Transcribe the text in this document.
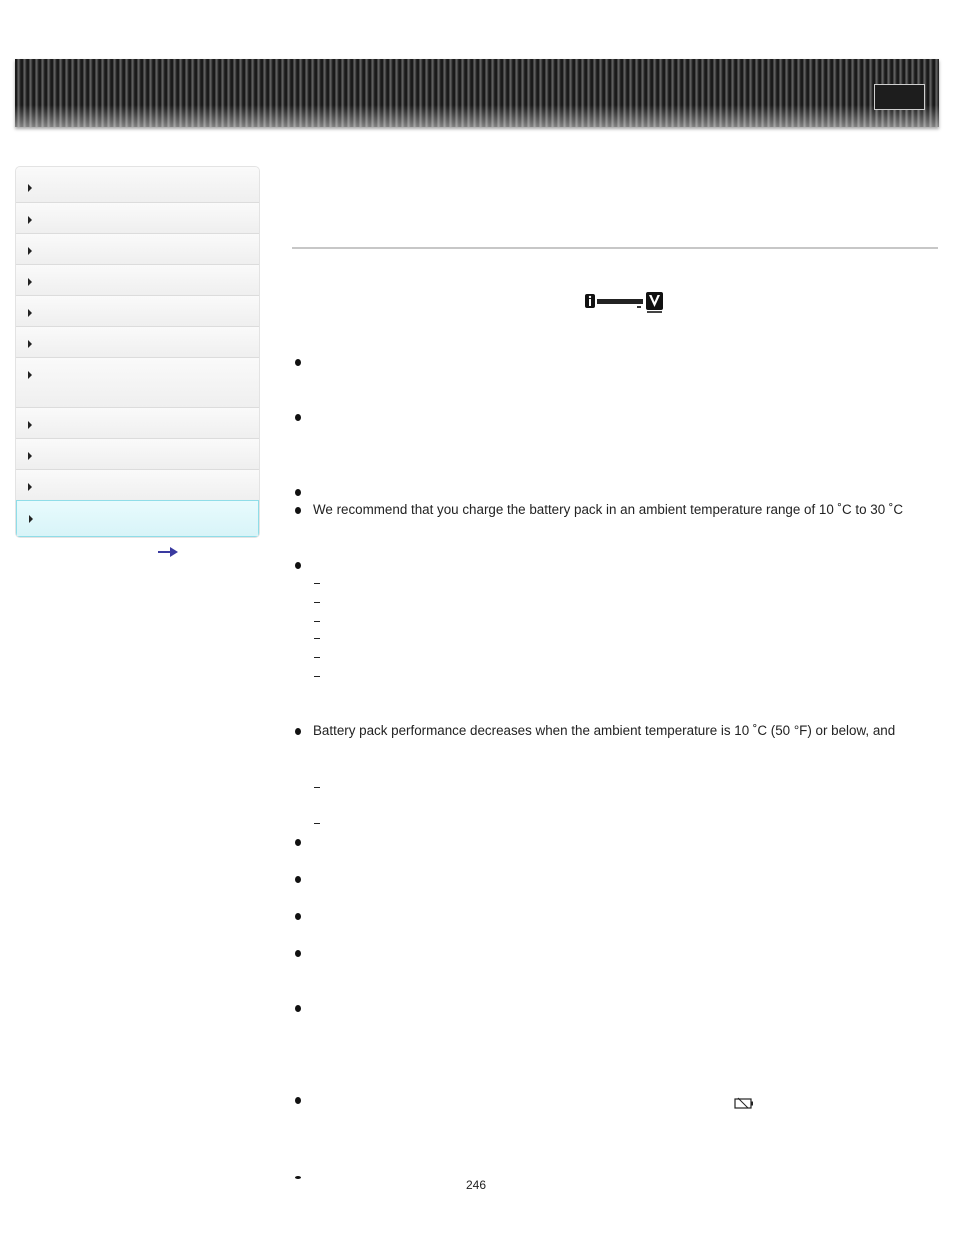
We recommend that you charge the battery pack in an ambient temperature range of 10 ˚C to 30 ˚C
Battery pack performance decreases when the ambient temperature is 10 ˚C (50 °F) or below, and
246
